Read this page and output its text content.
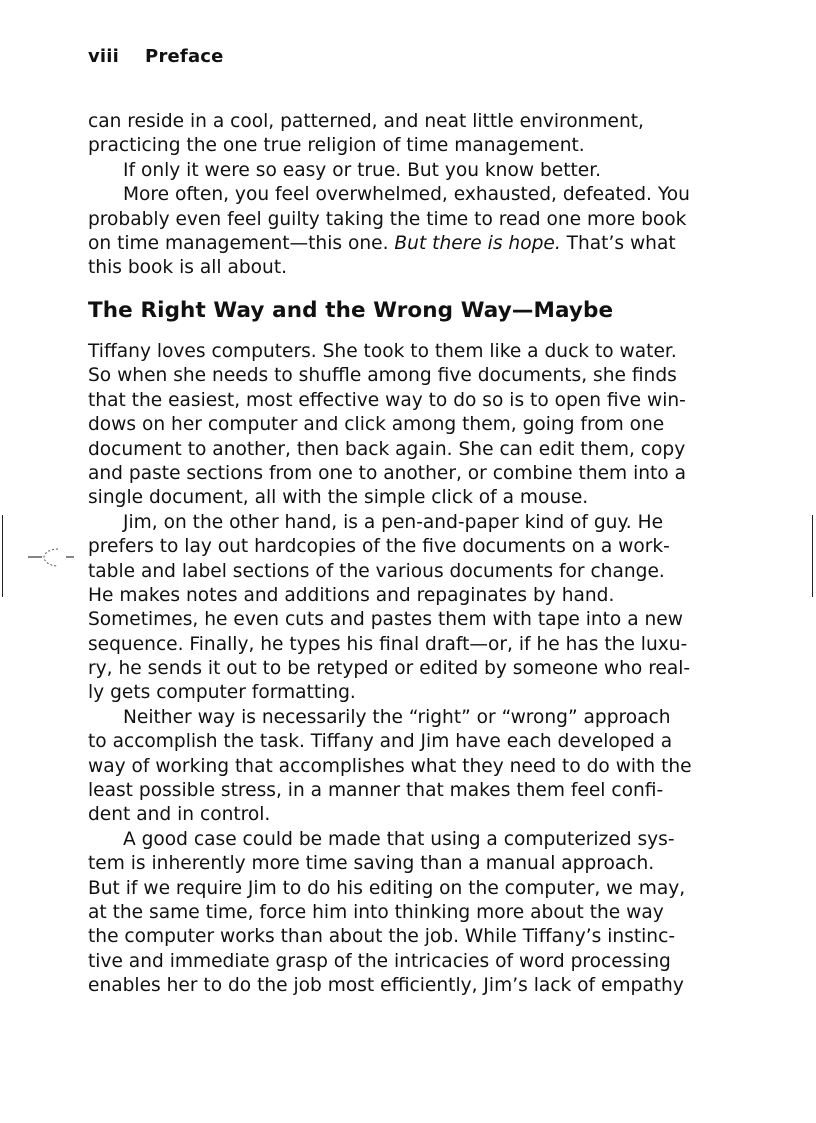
viii Preface
can reside in a cool, patterned, and neat little environment,
practicing the one true religion of time management.
If only it were so easy or true. But you know better.
More often, you feel overwhelmed, exhausted, defeated. You
probably even feel guilty taking the time to read one more book
on time management—this one. But there is hope. That’s what
this book is all about.
The Right Way and the Wrong Way—Maybe
Tiffany loves computers. She took to them like a duck to water.
So when she needs to shuffle among five documents, she finds
that the easiest, most effective way to do so is to open five win-
dows on her computer and click among them, going from one
document to another, then back again. She can edit them, copy
and paste sections from one to another, or combine them into a
single document, all with the simple click of a mouse.
Jim, on the other hand, is a pen-and-paper kind of guy. He
prefers to lay out hardcopies of the five documents on a work-
table and label sections of the various documents for change.
He makes notes and additions and repaginates by hand.
Sometimes, he even cuts and pastes them with tape into a new
sequence. Finally, he types his final draft—or, if he has the luxu-
ry, he sends it out to be retyped or edited by someone who real-
ly gets computer formatting.
Neither way is necessarily the “right” or “wrong” approach
to accomplish the task. Tiffany and Jim have each developed a
way of working that accomplishes what they need to do with the
least possible stress, in a manner that makes them feel confi-
dent and in control.
A good case could be made that using a computerized sys-
tem is inherently more time saving than a manual approach.
But if we require Jim to do his editing on the computer, we may,
at the same time, force him into thinking more about the way
the computer works than about the job. While Tiffany’s instinc-
tive and immediate grasp of the intricacies of word processing
enables her to do the job most efficiently, Jim’s lack of empathy
